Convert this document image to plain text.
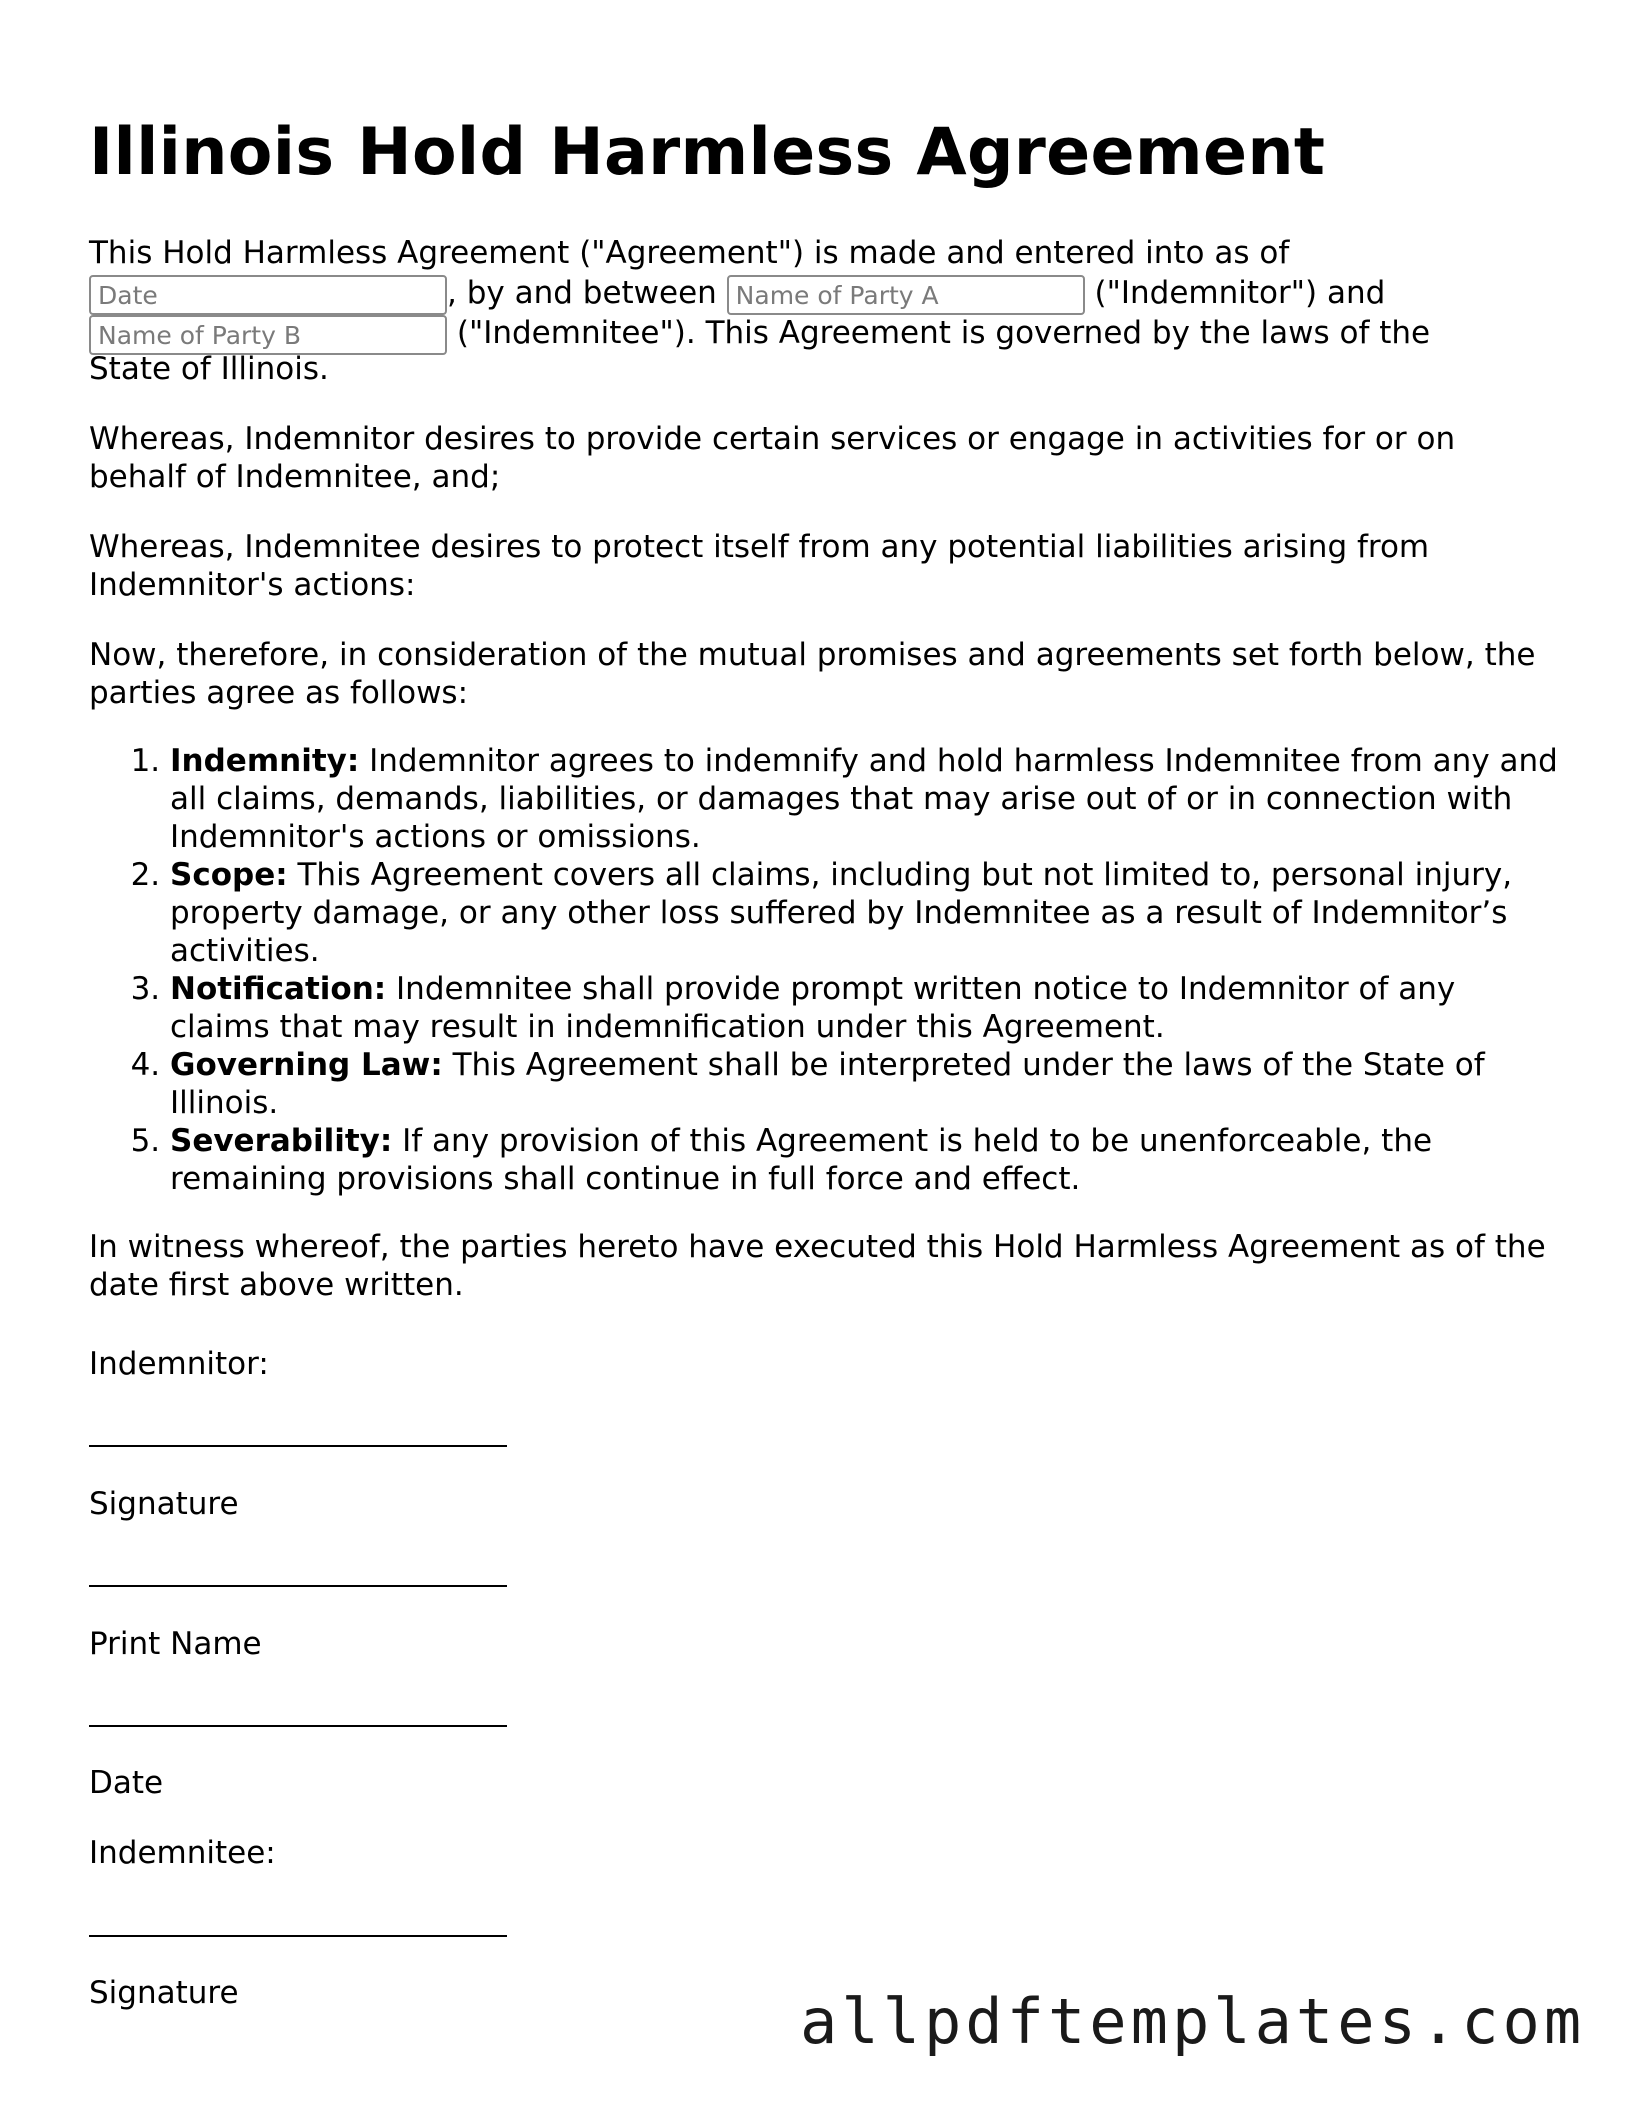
Illinois Hold Harmless Agreement
This Hold Harmless Agreement ("Agreement") is made and entered into as of
Date, by and between Name of Party A	("Indemnitor") and
Name of Party B ("Indemnitee"). This Agreement is governed by the laws of the
State of Illinois.

Whereas, Indemnitor desires to provide certain services or engage in activities for or on behalf of Indemnitee, and;

Whereas, Indemnitee desires to protect itself from any potential liabilities arising from Indemnitor's actions:

Now, therefore, in consideration of the mutual promises and agreements set forth below, the parties agree as follows:

1. Indemnity: Indemnitor agrees to indemnify and hold harmless Indemnitee from any and all claims, demands, liabilities, or damages that may arise out of or in connection with Indemnitor's actions or omissions.
2. Scope: This Agreement covers all claims, including but not limited to, personal injury, property damage, or any other loss suffered by Indemnitee as a result of Indemnitor’s activities.
3. Notification: Indemnitee shall provide prompt written notice to Indemnitor of any claims that may result in indemnification under this Agreement.
4. Governing Law: This Agreement shall be interpreted under the laws of the State of Illinois.
5. Severability: If any provision of this Agreement is held to be unenforceable, the remaining provisions shall continue in full force and effect.

In witness whereof, the parties hereto have executed this Hold Harmless Agreement as of the date first above written.

Indemnitor:
Signature
Print Name
Date
Indemnitee:
Signature	allpdftemplates.com
